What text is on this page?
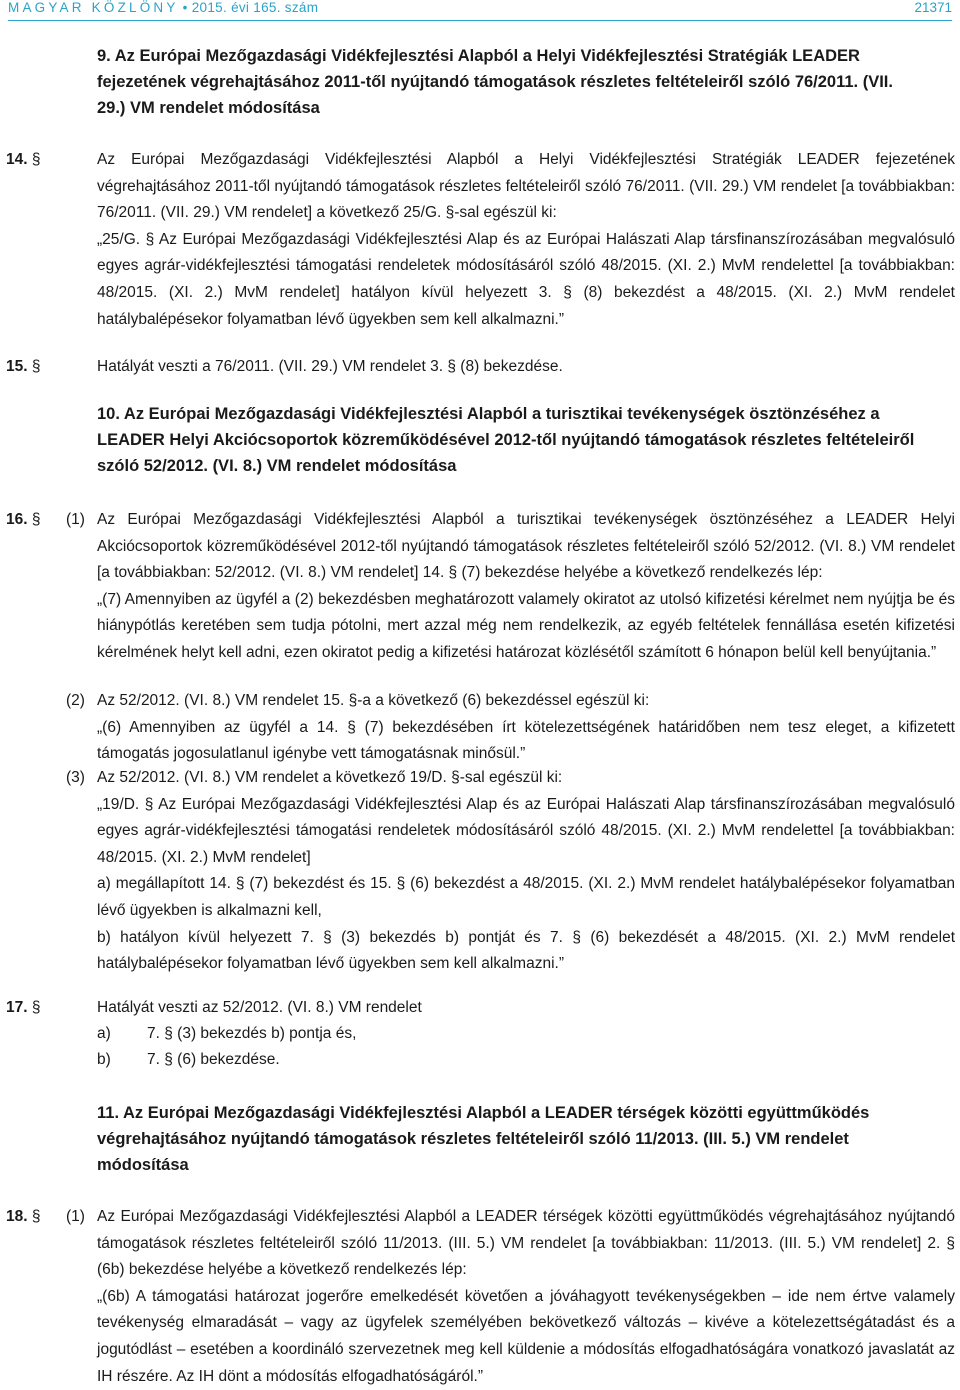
MAGYAR KÖZLÖNY • 2015. évi 165. szám	21371
9. Az Európai Mezőgazdasági Vidékfejlesztési Alapból a Helyi Vidékfejlesztési Stratégiák LEADER fejezetének végrehajtásához 2011-től nyújtandó támogatások részletes feltételeiről szóló 76/2011. (VII. 29.) VM rendelet módosítása
14. §	Az Európai Mezőgazdasági Vidékfejlesztési Alapból a Helyi Vidékfejlesztési Stratégiák LEADER fejezetének végrehajtásához 2011-től nyújtandó támogatások részletes feltételeiről szóló 76/2011. (VII. 29.) VM rendelet [a továbbiakban: 76/2011. (VII. 29.) VM rendelet] a következő 25/G. §-sal egészül ki:
„25/G. § Az Európai Mezőgazdasági Vidékfejlesztési Alap és az Európai Halászati Alap társfinanszírozásában megvalósuló egyes agrár-vidékfejlesztési támogatási rendeletek módosításáról szóló 48/2015. (XI. 2.) MvM rendelettel [a továbbiakban: 48/2015. (XI. 2.) MvM rendelet] hatályon kívül helyezett 3. § (8) bekezdést a 48/2015. (XI. 2.) MvM rendelet hatálybalépésekor folyamatban lévő ügyekben sem kell alkalmazni.”
15. §	Hatályát veszti a 76/2011. (VII. 29.) VM rendelet 3. § (8) bekezdése.
10. Az Európai Mezőgazdasági Vidékfejlesztési Alapból a turisztikai tevékenységek ösztönzéséhez a LEADER Helyi Akciócsoportok közreműködésével 2012-től nyújtandó támogatások részletes feltételeiről szóló 52/2012. (VI. 8.) VM rendelet módosítása
16. § (1) Az Európai Mezőgazdasági Vidékfejlesztési Alapból a turisztikai tevékenységek ösztönzéséhez a LEADER Helyi Akciócsoportok közreműködésével 2012-től nyújtandó támogatások részletes feltételeiről szóló 52/2012. (VI. 8.) VM rendelet [a továbbiakban: 52/2012. (VI. 8.) VM rendelet] 14. § (7) bekezdése helyébe a következő rendelkezés lép:
„(7) Amennyiben az ügyfél a (2) bekezdésben meghatározott valamely okiratot az utolsó kifizetési kérelmet nem nyújtja be és hiánypótlás keretében sem tudja pótolni, mert azzal még nem rendelkezik, az egyéb feltételek fennállása esetén kifizetési kérelmének helyt kell adni, ezen okiratot pedig a kifizetési határozat közlésétől számított 6 hónapon belül kell benyújtania.”
(2) Az 52/2012. (VI. 8.) VM rendelet 15. §-a a következő (6) bekezdéssel egészül ki:
„(6) Amennyiben az ügyfél a 14. § (7) bekezdésében írt kötelezettségének határidőben nem tesz eleget, a kifizetett támogatás jogosulatlanul igénybe vett támogatásnak minősül.”
(3) Az 52/2012. (VI. 8.) VM rendelet a következő 19/D. §-sal egészül ki:
„19/D. § Az Európai Mezőgazdasági Vidékfejlesztési Alap és az Európai Halászati Alap társfinanszírozásában megvalósuló egyes agrár-vidékfejlesztési támogatási rendeletek módosításáról szóló 48/2015. (XI. 2.) MvM rendelettel [a továbbiakban: 48/2015. (XI. 2.) MvM rendelet]
a) megállapított 14. § (7) bekezdést és 15. § (6) bekezdést a 48/2015. (XI. 2.) MvM rendelet hatálybalépésekor folyamatban lévő ügyekben is alkalmazni kell,
b) hatályon kívül helyezett 7. § (3) bekezdés b) pontját és 7. § (6) bekezdését a 48/2015. (XI. 2.) MvM rendelet hatálybalépésekor folyamatban lévő ügyekben sem kell alkalmazni.”
17. §	Hatályát veszti az 52/2012. (VI. 8.) VM rendelet
a) 7. § (3) bekezdés b) pontja és,
b) 7. § (6) bekezdése.
11. Az Európai Mezőgazdasági Vidékfejlesztési Alapból a LEADER térségek közötti együttműködés végrehajtásához nyújtandó támogatások részletes feltételeiről szóló 11/2013. (III. 5.) VM rendelet módosítása
18. § (1) Az Európai Mezőgazdasági Vidékfejlesztési Alapból a LEADER térségek közötti együttműködés végrehajtásához nyújtandó támogatások részletes feltételeiről szóló 11/2013. (III. 5.) VM rendelet [a továbbiakban: 11/2013. (III. 5.) VM rendelet] 2. § (6b) bekezdése helyébe a következő rendelkezés lép:
„(6b) A támogatási határozat jogerőre emelkedését követően a jóváhagyott tevékenységekben – ide nem értve valamely tevékenység elmaradását – vagy az ügyfelek személyében bekövetkező változás – kivéve a kötelezettségátadást és a jogutódlást – esetében a koordináló szervezetnek meg kell küldenie a módosítás elfogadhatóságára vonatkozó javaslatát az IH részére. Az IH dönt a módosítás elfogadhatóságáról.”
